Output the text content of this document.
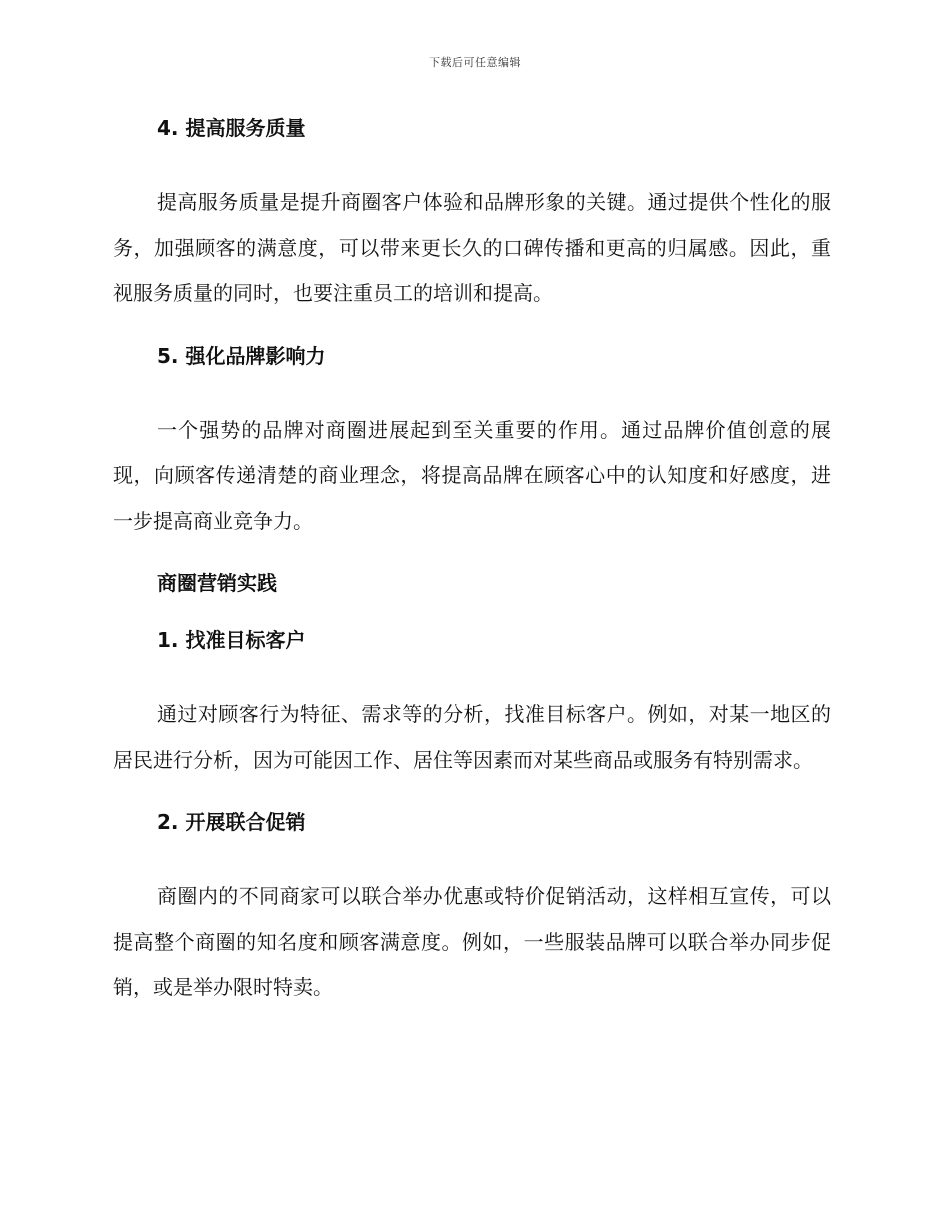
下载后可任意编辑

4. 提高服务质量

提高服务质量是提升商圈客户体验和品牌形象的关键。通过提供个性化的服务，加强顾客的满意度，可以带来更长久的口碑传播和更高的归属感。因此，重视服务质量的同时，也要注重员工的培训和提高。

5. 强化品牌影响力

一个强势的品牌对商圈进展起到至关重要的作用。通过品牌价值创意的展现，向顾客传递清楚的商业理念，将提高品牌在顾客心中的认知度和好感度，进一步提高商业竞争力。

商圈营销实践

1. 找准目标客户

通过对顾客行为特征、需求等的分析，找准目标客户。例如，对某一地区的居民进行分析，因为可能因工作、居住等因素而对某些商品或服务有特别需求。

2. 开展联合促销

商圈内的不同商家可以联合举办优惠或特价促销活动，这样相互宣传，可以提高整个商圈的知名度和顾客满意度。例如，一些服装品牌可以联合举办同步促销，或是举办限时特卖。
